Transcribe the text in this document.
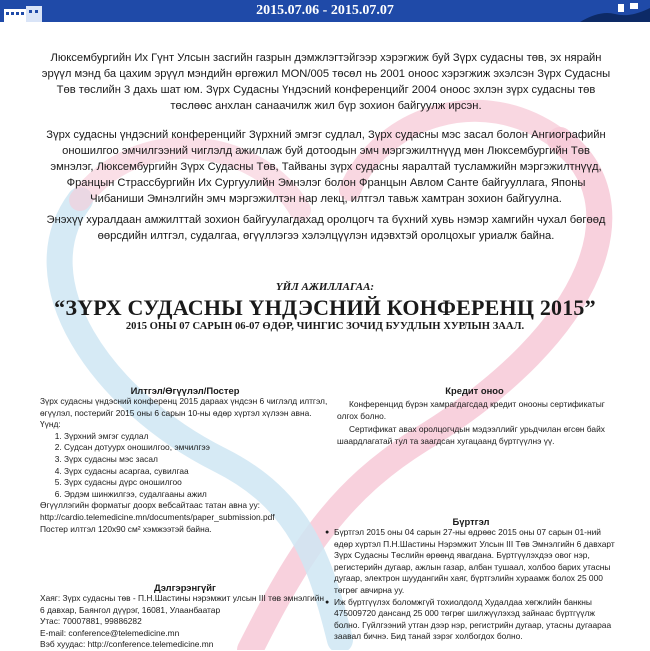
2015.07.06 - 2015.07.07
Люксембургийн Их Гүнт Улсын засгийн газрын дэмжлэгтэйгээр хэрэгжиж буй Зүрх судасны төв, эх нярайн эрүүл мэнд ба цахим эрүүл мэндийн өргөжил MON/005 төсөл нь 2001 оноос хэрэгжиж эхэлсэн Зүрх Судасны Төв төслийн 3 дахь шат юм. Зүрх Судасны Үндэсний конференцийг 2004 оноос эхлэн зүрх судасны төв төслөөс анхлан санаачилж жил бүр зохион байгуулж ирсэн.
Зүрх судасны үндэсний конференцийг Зүрхний эмгэг судлал, Зүрх судасны мэс засал болон Ангиографийн оношилгоо эмчилгээний чиглэлд ажиллаж буй дотоодын эмч мэргэжилтнүүд мөн Люксембургийн Төв эмнэлэг, Люксембургийн Зүрх Судасны Төв, Тайваны зүрх судасны яаралтай тусламжийн мэргэжилтнүүд, Францын Страссбургийн Их Сургуулийн Эмнэлэг болон Францын Авлом Санте байгууллага, Японы Чибаниши Эмнэлгийн эмч мэргэжилтэн нар лекц, илтгэл тавьж хамтран зохион байгуулна.
Энэхүү хуралдаан амжилттай зохион байгуулагдахад оролцогч та бүхний хувь нэмэр хамгийн чухал бөгөөд өөрсдийн илтгэл, судалгаа, өгүүллэгээ хэлэлцүүлэн идэвхтэй оролцохыг уриалж байна.
ҮЙЛ АЖИЛЛАГАА:
“ЗҮРХ СУДАСНЫ ҮНДЭСНИЙ КОНФЕРЕНЦ 2015”
2015 ОНЫ 07 САРЫН 06-07 ӨДӨР, ЧИНГИС ЗОЧИД БУУДЛЫН ХУРЛЫН ЗААЛ.
Илтгэл/Өгүүлэл/Постер

Зүрх судасны үндэсний конференц 2015 дараах үндсэн 6 чиглэлд илтгэл, өгүүлэл, постерийг 2015 оны 6 сарын 10-ны өдөр хүртэл хүлээн авна. Үүнд:

1. Зүрхний эмгэг судлал
2. Судсан дотуурх оношилгоо, эмчилгээ
3. Зүрх судасны мэс засал
4. Зүрх судасны асаргаа, сувилгаа
5. Зүрх судасны дүрс оношилгоо
6. Эрдэм шинжилгээ, судалгааны ажил

Өгүүллэгийн форматыг доорх вебсайтаас татан авна уу:

http://cardio.telemedicine.mn/documents/paper_submission.pdf

Постер илтгэл 120х90 см² хэмжээтэй байна.

Кредит оноо

Конференцид бүрэн хамрагдагсдад кредит онооны сертификатыг олгох болно.

Сертификат авах оролцогчдын мэдээллийг урьдчилан өгсөн байх шаардлагатай тул та заагдсан хугацаанд бүртгүүлнэ үү.

Дэлгэрэнгүйг

Хаяг: Зүрх судасны төв - П.Н.Шастины нэрэмжит улсын III төв эмнэлгийн 6 давхар, Баянгол дүүрэг, 16081, Улаанбаатар

Утас: 70007881, 99886282

E-mail: conference@telemedicine.mn

Вэб хуудас: http://conference.telemedicine.mn

Бүртгэл
● Бүртгэл 2015 оны 04 сарын 27-ны өдрөөс 2015 оны 07 сарын 01-ний өдөр хүртэл П.Н.Шастины Нэрэмжит Улсын III Төв Эмнэлгийн 6 давхарт Зүрх Судасны Төслийн өрөөнд явагдана. Бүртгүүлэхдээ овог нэр, регистерийн дугаар, ажлын газар, албан тушаал, холбоо барих утасны дугаар, электрон шуудангийн хаяг, бүртгэлийн хураамж болох 25 000 төгрөг авчирна уу.
● Иж бүртгүүлэх боломжгүй тохиолдолд Худалдаа хөгжлийн банкны 475009720 дансанд 25 000 төгрөг шилжүүлэхэд зайнаас бүртгүүлж болно. Гүйлгээний утган дээр нэр, регистрийн дугаар, утасны дугаараа заавал бичнэ. Бид танай зэрэг холбогдох болно.
